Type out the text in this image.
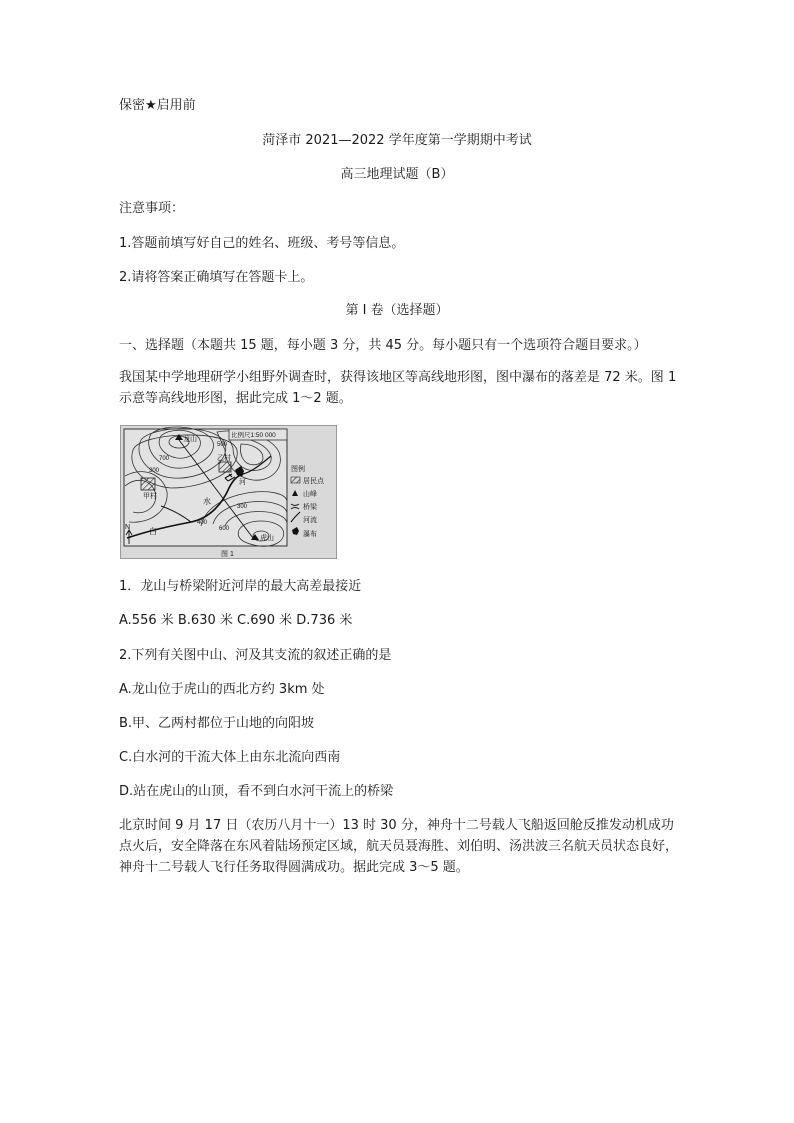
保密★启用前
菏泽市 2021—2022 学年度第一学期期中考试
高三地理试题（B）
注意事项：
1.答题前填写好自己的姓名、班级、考号等信息。
2.请将答案正确填写在答题卡上。
第 I 卷（选择题）
一、选择题（本题共 15 题，每小题 3 分，共 45 分。每小题只有一个选项符合题目要求。）
我国某中学地理研学小组野外调查时，获得该地区等高线地形图，图中瀑布的落差是 72 米。图 1 示意等高线地形图，据此完成 1～2 题。
龙山
虎山
甲村
乙村
白
水
河
N
700
300
500
600
400
300
图 1
比例尺1:50 000
图例
居民点
山峰
桥梁
河流
瀑布
1．龙山与桥梁附近河岸的最大高差最接近
A.556 米 B.630 米 C.690 米 D.736 米
2.下列有关图中山、河及其支流的叙述正确的是
A.龙山位于虎山的西北方约 3km 处
B.甲、乙两村都位于山地的向阳坡
C.白水河的干流大体上由东北流向西南
D.站在虎山的山顶，看不到白水河干流上的桥梁
北京时间 9 月 17 日（农历八月十一）13 时 30 分，神舟十二号载人飞船返回舱反推发动机成功点火后，安全降落在东风着陆场预定区域，航天员聂海胜、刘伯明、汤洪波三名航天员状态良好，神舟十二号载人飞行任务取得圆满成功。据此完成 3～5 题。
